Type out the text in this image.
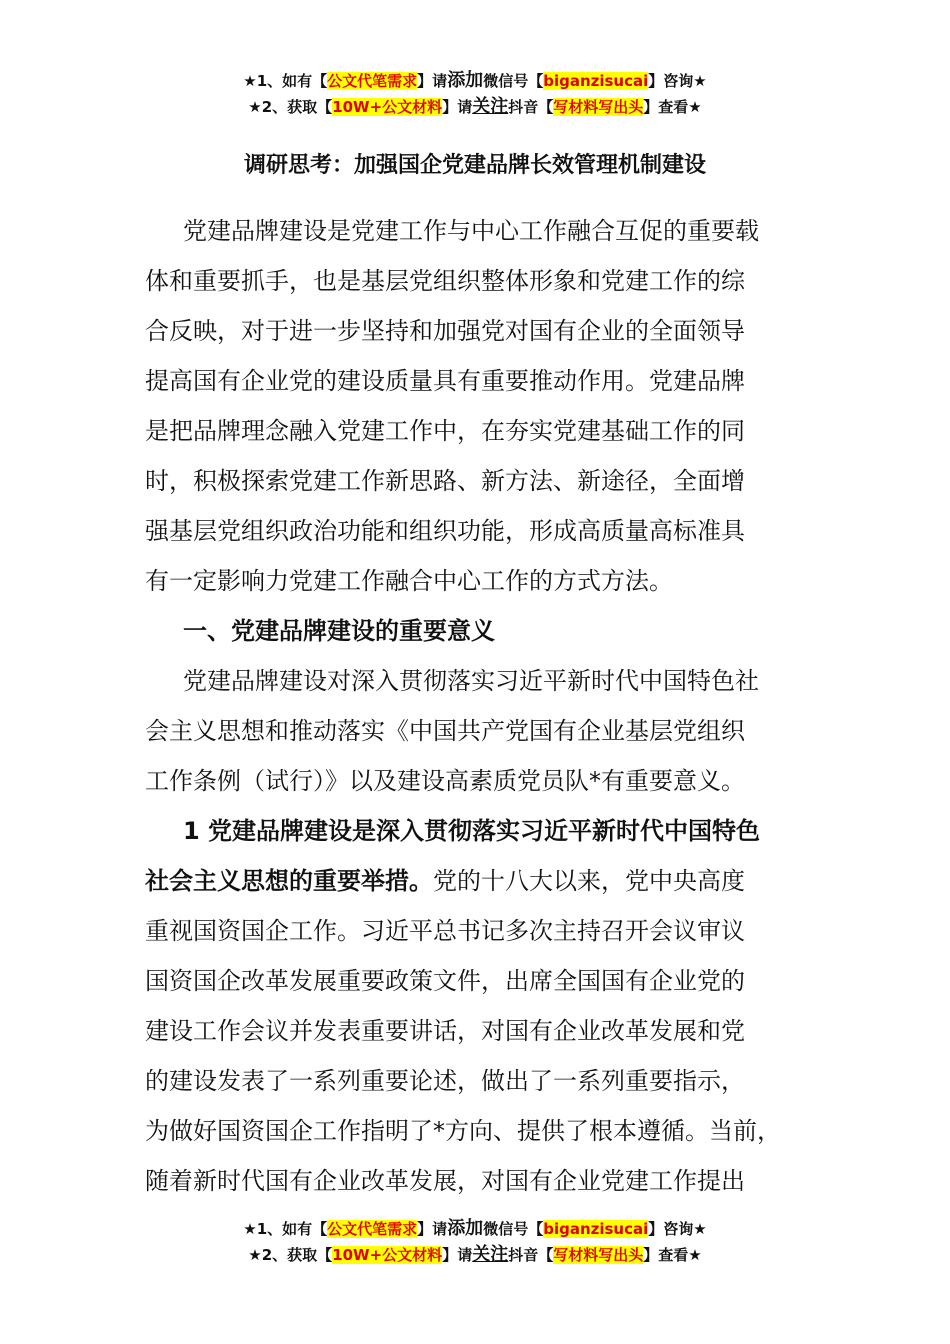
★1、如有【公文代笔需求】请添加微信号【biganzisucai】咨询★
★2、获取【10W+公文材料】请关注抖音【写材料写出头】查看★
调研思考：加强国企党建品牌长效管理机制建设
党建品牌建设是党建工作与中心工作融合互促的重要载
体和重要抓手，也是基层党组织整体形象和党建工作的综
合反映，对于进一步坚持和加强党对国有企业的全面领导
提高国有企业党的建设质量具有重要推动作用。党建品牌
是把品牌理念融入党建工作中，在夯实党建基础工作的同
时，积极探索党建工作新思路、新方法、新途径，全面增
强基层党组织政治功能和组织功能，形成高质量高标准具
有一定影响力党建工作融合中心工作的方式方法。
一、党建品牌建设的重要意义
党建品牌建设对深入贯彻落实习近平新时代中国特色社
会主义思想和推动落实《中国共产党国有企业基层党组织
工作条例（试行）》以及建设高素质党员队*有重要意义。
1 党建品牌建设是深入贯彻落实习近平新时代中国特色
社会主义思想的重要举措。党的十八大以来，党中央高度
重视国资国企工作。习近平总书记多次主持召开会议审议
国资国企改革发展重要政策文件，出席全国国有企业党的
建设工作会议并发表重要讲话，对国有企业改革发展和党
的建设发表了一系列重要论述，做出了一系列重要指示，
为做好国资国企工作指明了*方向、提供了根本遵循。当前，
随着新时代国有企业改革发展，对国有企业党建工作提出
★1、如有【公文代笔需求】请添加微信号【biganzisucai】咨询★
★2、获取【10W+公文材料】请关注抖音【写材料写出头】查看★
